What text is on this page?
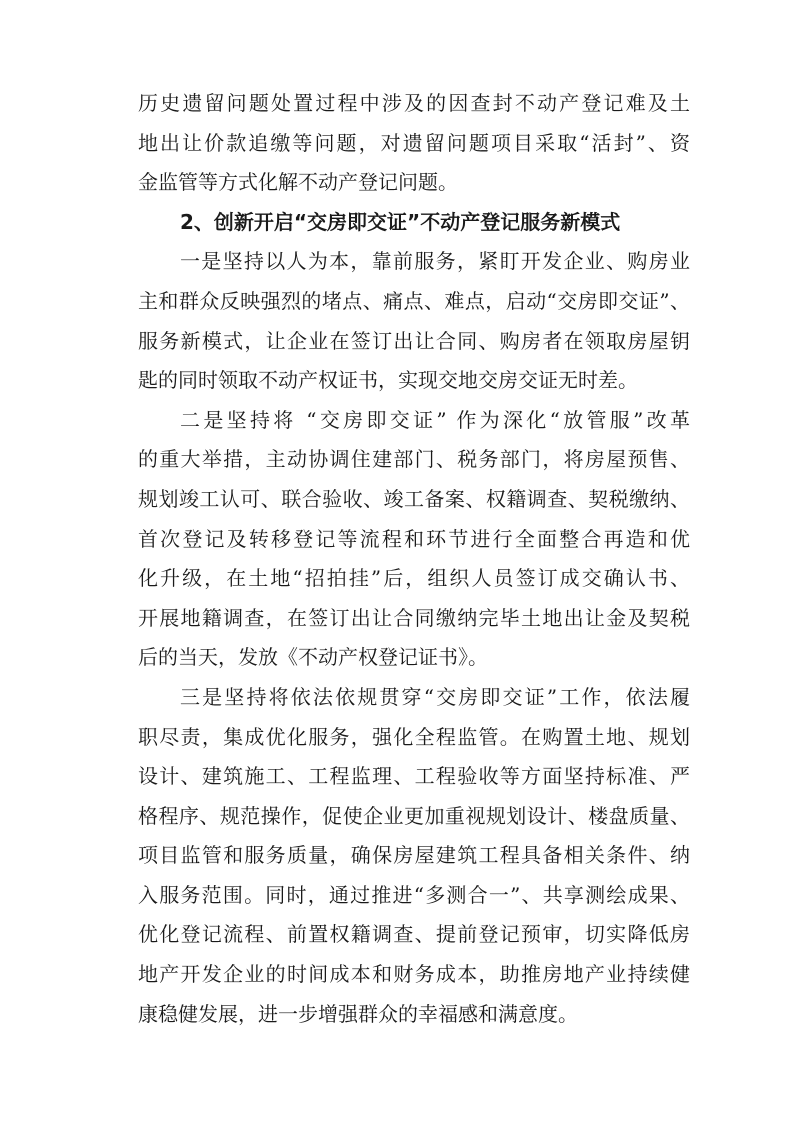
历史遗留问题处置过程中涉及的因查封不动产登记难及土
地出让价款追缴等问题，对遗留问题项目采取“活封”、资
金监管等方式化解不动产登记问题。
2、创新开启“交房即交证”不动产登记服务新模式
一是坚持以人为本，靠前服务，紧盯开发企业、购房业
主和群众反映强烈的堵点、痛点、难点，启动“交房即交证”、
服务新模式，让企业在签订出让合同、购房者在领取房屋钥
匙的同时领取不动产权证书，实现交地交房交证无时差。
二是坚持将 “交房即交证” 作为深化“放管服”改革
的重大举措，主动协调住建部门、税务部门，将房屋预售、
规划竣工认可、联合验收、竣工备案、权籍调查、契税缴纳、
首次登记及转移登记等流程和环节进行全面整合再造和优
化升级，在土地“招拍挂”后，组织人员签订成交确认书、
开展地籍调查，在签订出让合同缴纳完毕土地出让金及契税
后的当天，发放《不动产权登记证书》。
三是坚持将依法依规贯穿“交房即交证”工作，依法履
职尽责，集成优化服务，强化全程监管。在购置土地、规划
设计、建筑施工、工程监理、工程验收等方面坚持标准、严
格程序、规范操作，促使企业更加重视规划设计、楼盘质量、
项目监管和服务质量，确保房屋建筑工程具备相关条件、纳
入服务范围。同时，通过推进“多测合一”、共享测绘成果、
优化登记流程、前置权籍调查、提前登记预审，切实降低房
地产开发企业的时间成本和财务成本，助推房地产业持续健
康稳健发展，进一步增强群众的幸福感和满意度。
